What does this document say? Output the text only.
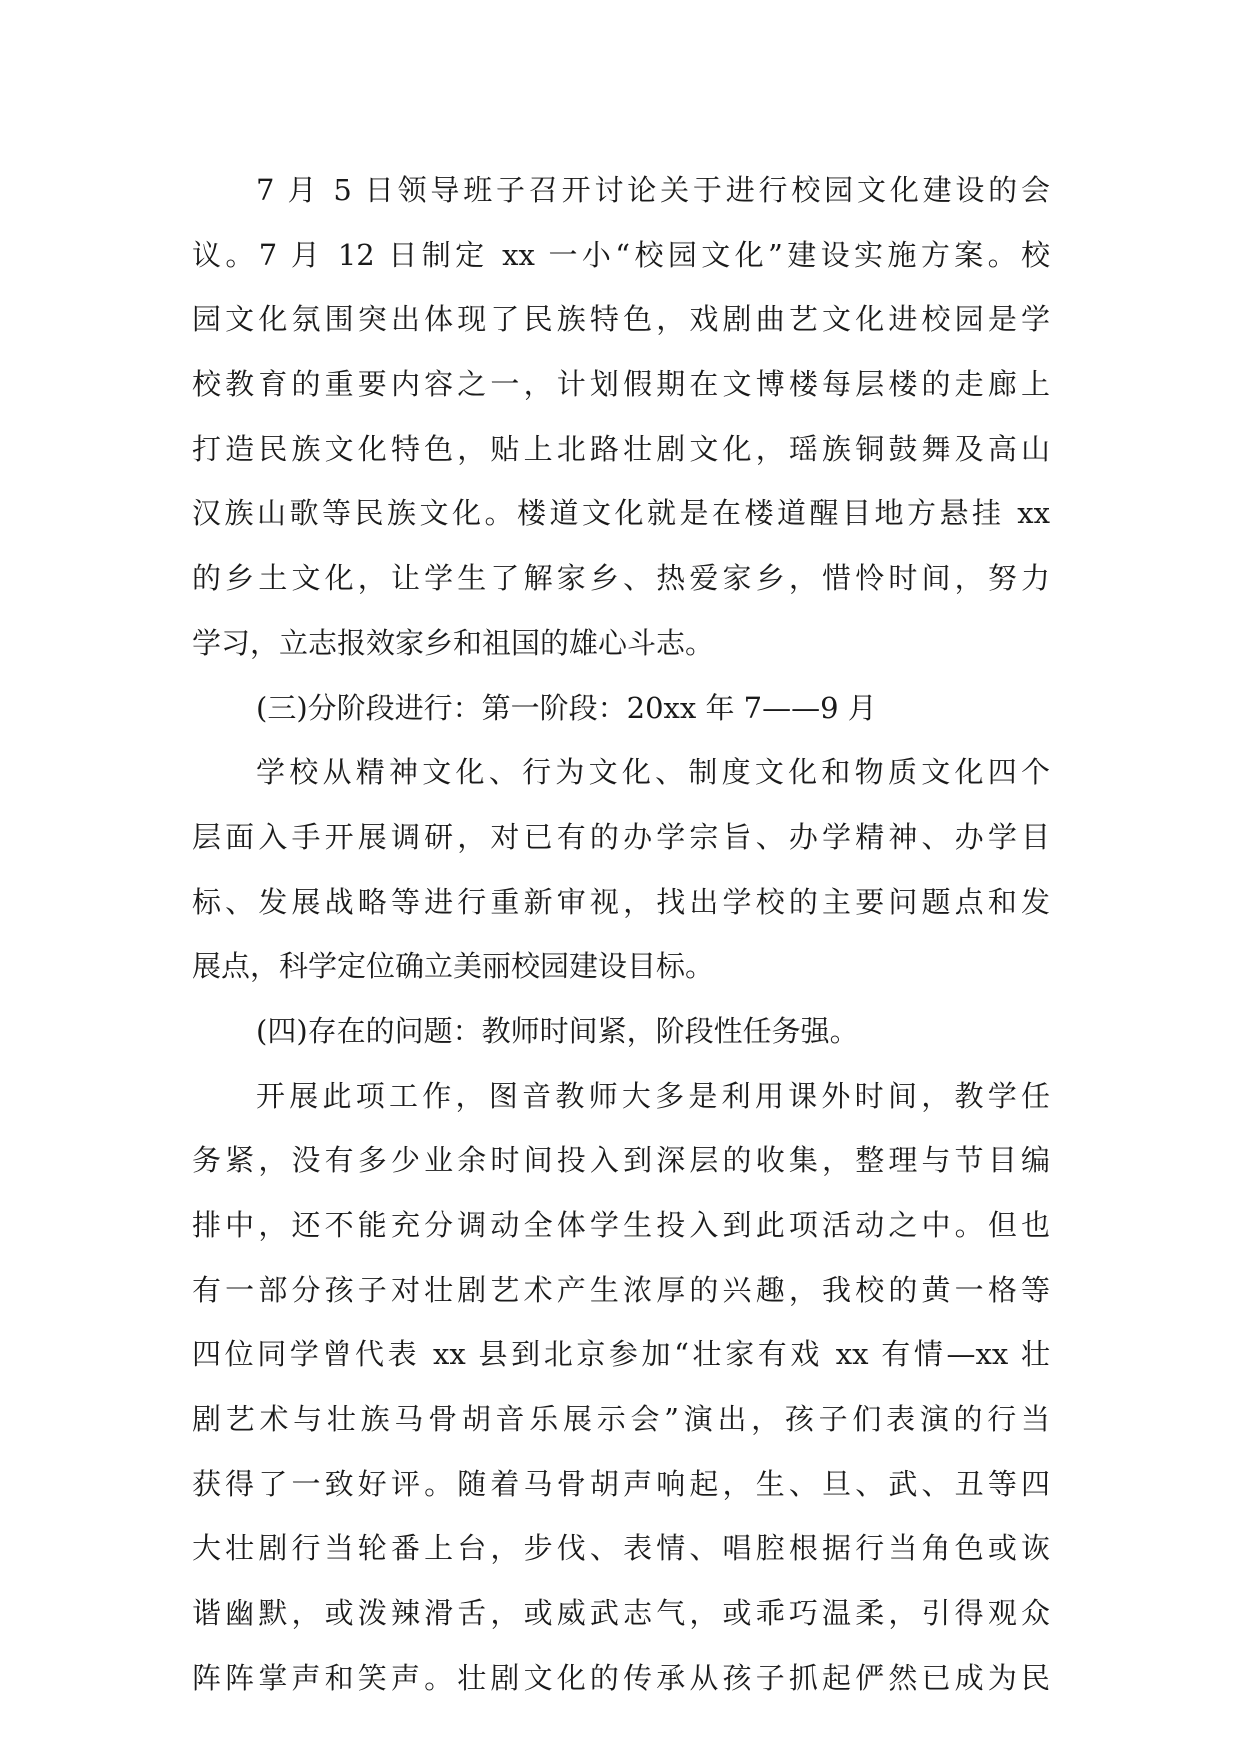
7 月 5 日领导班子召开讨论关于进行校园文化建设的会
议。7 月 12 日制定 xx 一小“校园文化”建设实施方案。校
园文化氛围突出体现了民族特色，戏剧曲艺文化进校园是学
校教育的重要内容之一，计划假期在文博楼每层楼的走廊上
打造民族文化特色，贴上北路壮剧文化，瑶族铜鼓舞及高山
汉族山歌等民族文化。楼道文化就是在楼道醒目地方悬挂 xx
的乡土文化，让学生了解家乡、热爱家乡，惜怜时间，努力
学习，立志报效家乡和祖国的雄心斗志。
(三)分阶段进行：第一阶段：20xx 年 7——9 月
学校从精神文化、行为文化、制度文化和物质文化四个
层面入手开展调研，对已有的办学宗旨、办学精神、办学目
标、发展战略等进行重新审视，找出学校的主要问题点和发
展点，科学定位确立美丽校园建设目标。
(四)存在的问题：教师时间紧，阶段性任务强。
开展此项工作，图音教师大多是利用课外时间，教学任
务紧，没有多少业余时间投入到深层的收集，整理与节目编
排中，还不能充分调动全体学生投入到此项活动之中。但也
有一部分孩子对壮剧艺术产生浓厚的兴趣，我校的黄一格等
四位同学曾代表 xx 县到北京参加“壮家有戏 xx 有情—xx 壮
剧艺术与壮族马骨胡音乐展示会”演出，孩子们表演的行当
获得了一致好评。随着马骨胡声响起，生、旦、武、丑等四
大壮剧行当轮番上台，步伐、表情、唱腔根据行当角色或诙
谐幽默，或泼辣滑舌，或威武志气，或乖巧温柔，引得观众
阵阵掌声和笑声。壮剧文化的传承从孩子抓起俨然已成为民
